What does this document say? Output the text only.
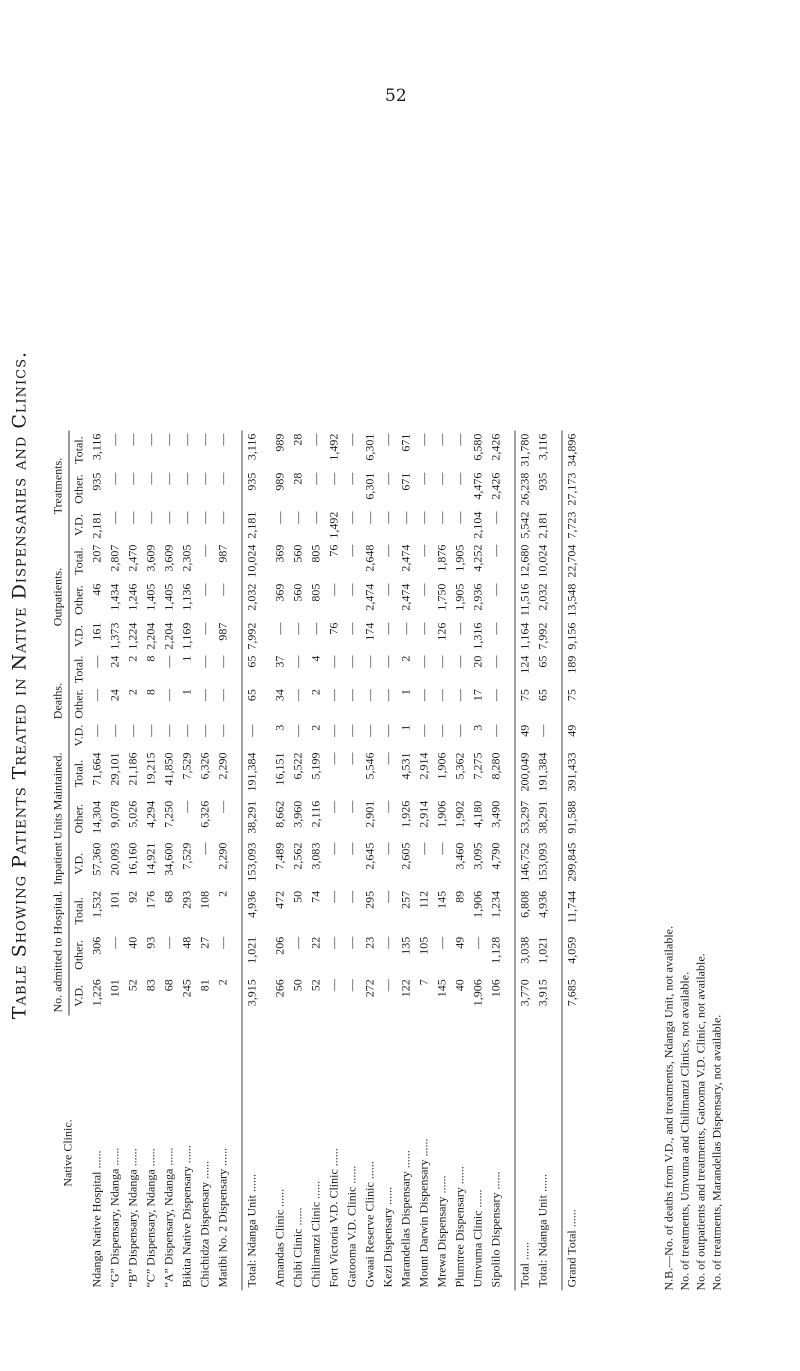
52
Table Showing Patients Treated in Native Dispensaries and Clinics.
Native Clinic.	No. admitted to Hospital.			Inpatient Units Maintained.			Deaths.			Outpatients.			Treatments.		
	V.D.	Other.	Total.	V.D.	Other.	Total.	V.D.	Other.	Total.	V.D.	Other.	Total.	V.D.	Other.	Total.
Ndanga Native Hospital ......	1,226	306	1,532	57,360	14,304	71,664	—	—	—	161	46	207	2,181	935	3,116
“G” Dispensary, Ndanga ......	101	—	101	20,093	9,078	29,101	—	24	24	1,373	1,434	2,807	—	—	—
“B” Dispensary, Ndanga ......	52	40	92	16,160	5,026	21,186	—	2	2	1,224	1,246	2,470	—	—	—
“C” Dispensary, Ndanga ......	83	93	176	14,921	4,294	19,215	—	8	8	2,204	1,405	3,609	—	—	—
“A” Dispensary, Ndanga ......	68	—	68	34,600	7,250	41,850	—	—	—	2,204	1,405	3,609	—	—	—
Bikita Native Dispensary ......	245	48	293	7,529	—	7,529	—	1	1	1,169	1,136	2,305	—	—	—
Chichidza Dispensary ......	81	27	108	—	6,326	6,326	—	—	—	—	—	—	—	—	—
Matibi No. 2 Dispensary ......	2	—	2	2,290	—	2,290	—	—	—	987	—	987	—	—	—

Total: Ndanga Unit ......	3,915	1,021	4,936	153,093	38,291	191,384	—	65	65	7,992	2,032	10,024	2,181	935	3,116

Amandas Clinic ......	266	206	472	7,489	8,662	16,151	3	34	37	—	369	369	—	989	989
Chibi Clinic ......	50	—	50	2,562	3,960	6,522	—	—	—	—	560	560	—	28	28
Chilimanzi Clinic ......	52	22	74	3,083	2,116	5,199	2	2	4	—	805	805	—	—	—
Fort Victoria V.D. Clinic ......	—	—	—	—	—	—	—	—	—	76	—	76	1,492	—	1,492
Gatooma V.D. Clinic ......	—	—	—	—	—	—	—	—	—	—	—	—	—	—	—
Gwaai Reserve Clinic ......	272	23	295	2,645	2,901	5,546	—	—	—	174	2,474	2,648	—	6,301	6,301
Kezi Dispensary ......	—	—	—	—	—	—	—	—	—	—	—	—	—	—	—
Marandellas Dispensary ......	122	135	257	2,605	1,926	4,531	1	1	2	—	2,474	2,474	—	671	671
Mount Darwin Dispensary ......	7	105	112	—	2,914	2,914	—	—	—	—	—	—	—	—	—
Mrewa Dispensary ......	145	—	145	—	1,906	1,906	—	—	—	126	1,750	1,876	—	—	—
Plumtree Dispensary ......	40	49	89	3,460	1,902	5,362	—	—	—	—	1,905	1,905	—	—	—
Umvuma Clinic ......	1,906	—	1,906	3,095	4,180	7,275	3	17	20	1,316	2,936	4,252	2,104	4,476	6,580
Sipolilo Dispensary ......	106	1,128	1,234	4,790	3,490	8,280	—	—	—	—	—	—	—	2,426	2,426

Total ......	3,770	3,038	6,808	146,752	53,297	200,049	49	75	124	1,164	11,516	12,680	5,542	26,238	31,780
Total: Ndanga Unit ......	3,915	1,021	4,936	153,093	38,291	191,384	—	65	65	7,992	2,032	10,024	2,181	935	3,116

Grand Total ......	7,685	4,059	11,744	299,845	91,588	391,433	49	75	189	9,156	13,548	22,704	7,723	27,173	34,896
N.B.—No. of deaths from V.D., and treatments, Ndanga Unit, not available. No. of treatments, Umvuma and Chilimanzi Clinics, not available. No. of outpatients and treatments, Gatooma V.D. Clinic, not available. No. of treatments, Marandellas Dispensary, not available.
